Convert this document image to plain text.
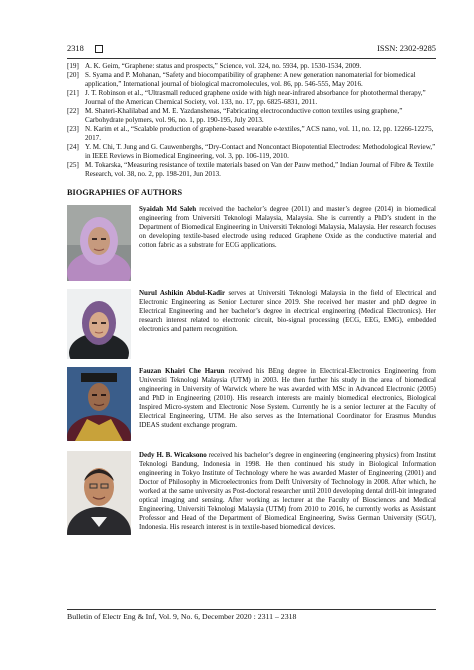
2318	ISSN: 2302-9285
[19] A. K. Geim, “Graphene: status and prospects,” Science, vol. 324, no. 5934, pp. 1530-1534, 2009.
[20] S. Syama and P. Mohanan, “Safety and biocompatibility of graphene: A new generation nanomaterial for biomedical application,” International journal of biological macromolecules, vol. 86, pp. 546-555, May 2016.
[21] J. T. Robinson et al., “Ultrasmall reduced graphene oxide with high near-infrared absorbance for photothermal therapy,” Journal of the American Chemical Society, vol. 133, no. 17, pp. 6825-6831, 2011.
[22] M. Shateri-Khalilabad and M. E. Yazdanshenas, “Fabricating electroconductive cotton textiles using graphene,” Carbohydrate polymers, vol. 96, no. 1, pp. 190-195, July 2013.
[23] N. Karim et al., “Scalable production of graphene-based wearable e-textiles,” ACS nano, vol. 11, no. 12, pp. 12266-12275, 2017.
[24] Y. M. Chi, T. Jung and G. Cauwenberghs, “Dry-Contact and Noncontact Biopotential Electrodes: Methodological Review,” in IEEE Reviews in Biomedical Engineering, vol. 3, pp. 106-119, 2010.
[25] M. Tokarska, “Measuring resistance of textile materials based on Van der Pauw method,” Indian Journal of Fibre & Textile Research, vol. 38, no. 2, pp. 198-201, Jun 2013.
BIOGRAPHIES OF AUTHORS
Syaidah Md Saleh received the bachelor’s degree (2011) and master’s degree (2014) in biomedical engineering from Universiti Teknologi Malaysia, Malaysia. She is currently a PhD’s student in the Department of Biomedical Engineering in Universiti Teknologi Malaysia, Malaysia. Her research focuses on developing textile-based electrode using reduced Graphene Oxide as the conductive material and cotton fabric as a substrate for ECG applications.
Nurul Ashikin Abdul-Kadir serves at Universiti Teknologi Malaysia in the field of Electrical and Electronic Engineering as Senior Lecturer since 2019. She received her master and phD degree in Electrical Engineering and her bachelor’s degree in electrical engineering (Medical Electronics). Her research interest related to electronic circuit, bio-signal processing (ECG, EEG, EMG), embedded electronics and pattern recognition.
Fauzan Khairi Che Harun received his BEng degree in Electrical-Electronics Engineering from Universiti Teknologi Malaysia (UTM) in 2003. He then further his study in the area of biomedical engineering in University of Warwick where he was awarded with MSc in Advanced Electronic (2005) and PhD in Engineering (2010). His research interests are mainly biomedical electronics, Biological Inspired Micro-system and Electronic Nose System. Currently he is a senior lecturer at the Faculty of Electrical Engineering, UTM. He also serves as the International Coordinator for Erasmus Mundus IDEAS student exchange program.
Dedy H. B. Wicaksono received his bachelor’s degree in engineering (engineering physics) from Institut Teknologi Bandung, Indonesia in 1998. He then continued his study in Biological Information engineering in Tokyo Institute of Technology where he was awarded Master of Engineering (2001) and Doctor of Philosophy in Microelectronics from Delft University of Technology in 2008. After which, he worked at the same university as Post-doctoral researcher until 2010 developing dental drill-bit integrated optical imaging and sensing. After working as lecturer at the Faculty of Biosciences and Medical Engineering, Universiti Teknologi Malaysia (UTM) from 2010 to 2016, he currently works as Assistant Professor and Head of the Department of Biomedical Engineering, Swiss German University (SGU), Indonesia. His research interest is in textile-based biomedical devices.
Bulletin of Electr Eng & Inf, Vol. 9, No. 6, December 2020 : 2311 – 2318
